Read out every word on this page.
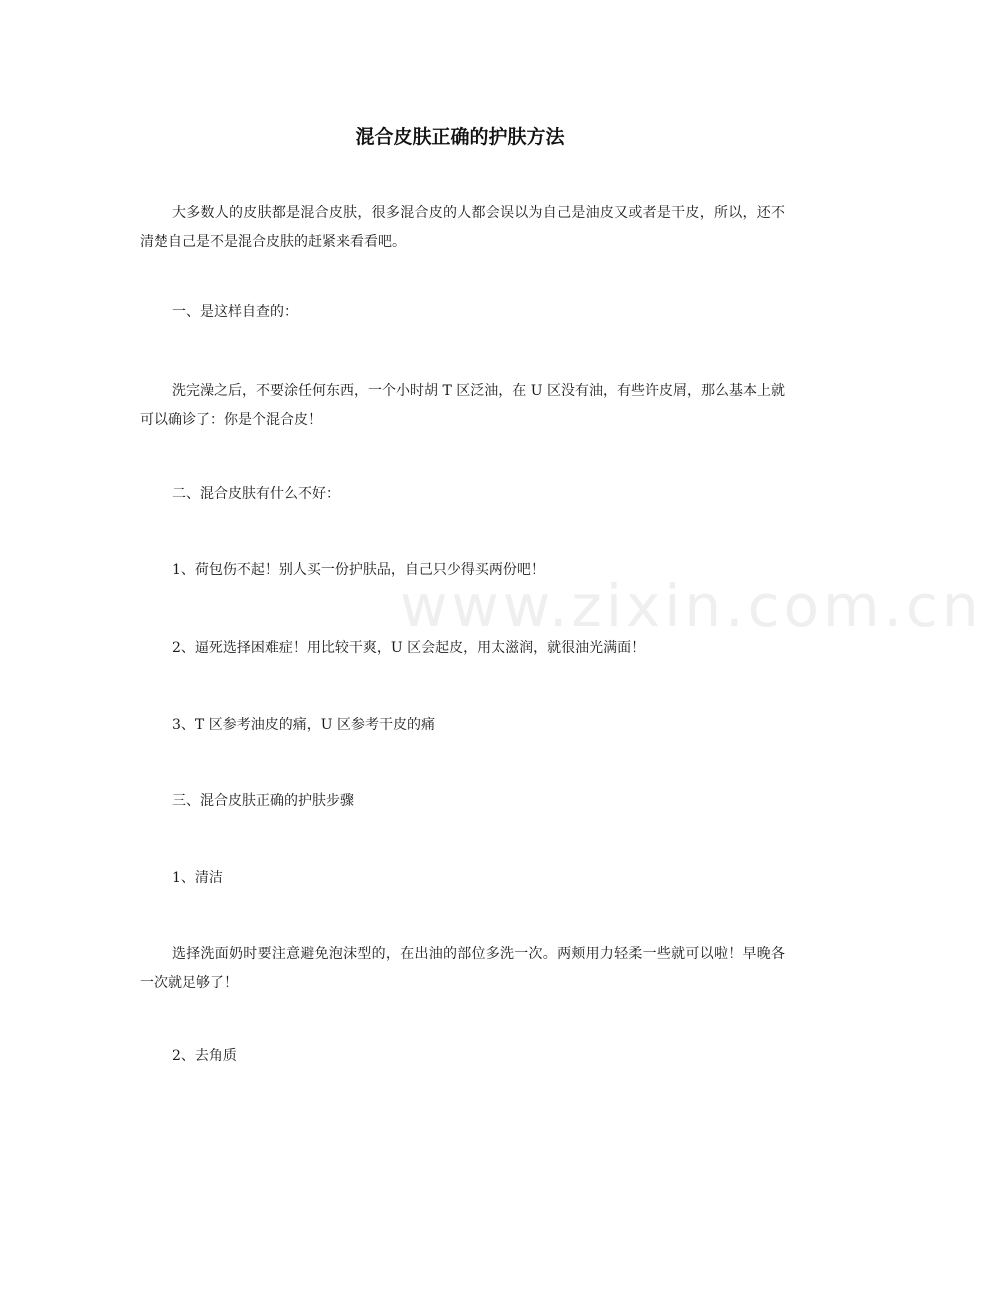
www.zixin.com.cn
混合皮肤正确的护肤方法

大多数人的皮肤都是混合皮肤，很多混合皮的人都会误以为自己是油皮又或者是干皮，所以，还不清楚自己是不是混合皮肤的赶紧来看看吧。

一、是这样自查的：

洗完澡之后，不要涂任何东西，一个小时胡 T 区泛油，在 U 区没有油，有些许皮屑，那么基本上就可以确诊了：你是个混合皮！

二、混合皮肤有什么不好：

1、荷包伤不起！别人买一份护肤品，自己只少得买两份吧！

2、逼死选择困难症！用比较干爽，U 区会起皮，用太滋润，就很油光满面！

3、T 区参考油皮的痛，U 区参考干皮的痛

三、混合皮肤正确的护肤步骤

1、清洁

选择洗面奶时要注意避免泡沫型的，在出油的部位多洗一次。两颊用力轻柔一些就可以啦！早晚各一次就足够了！

2、去角质
